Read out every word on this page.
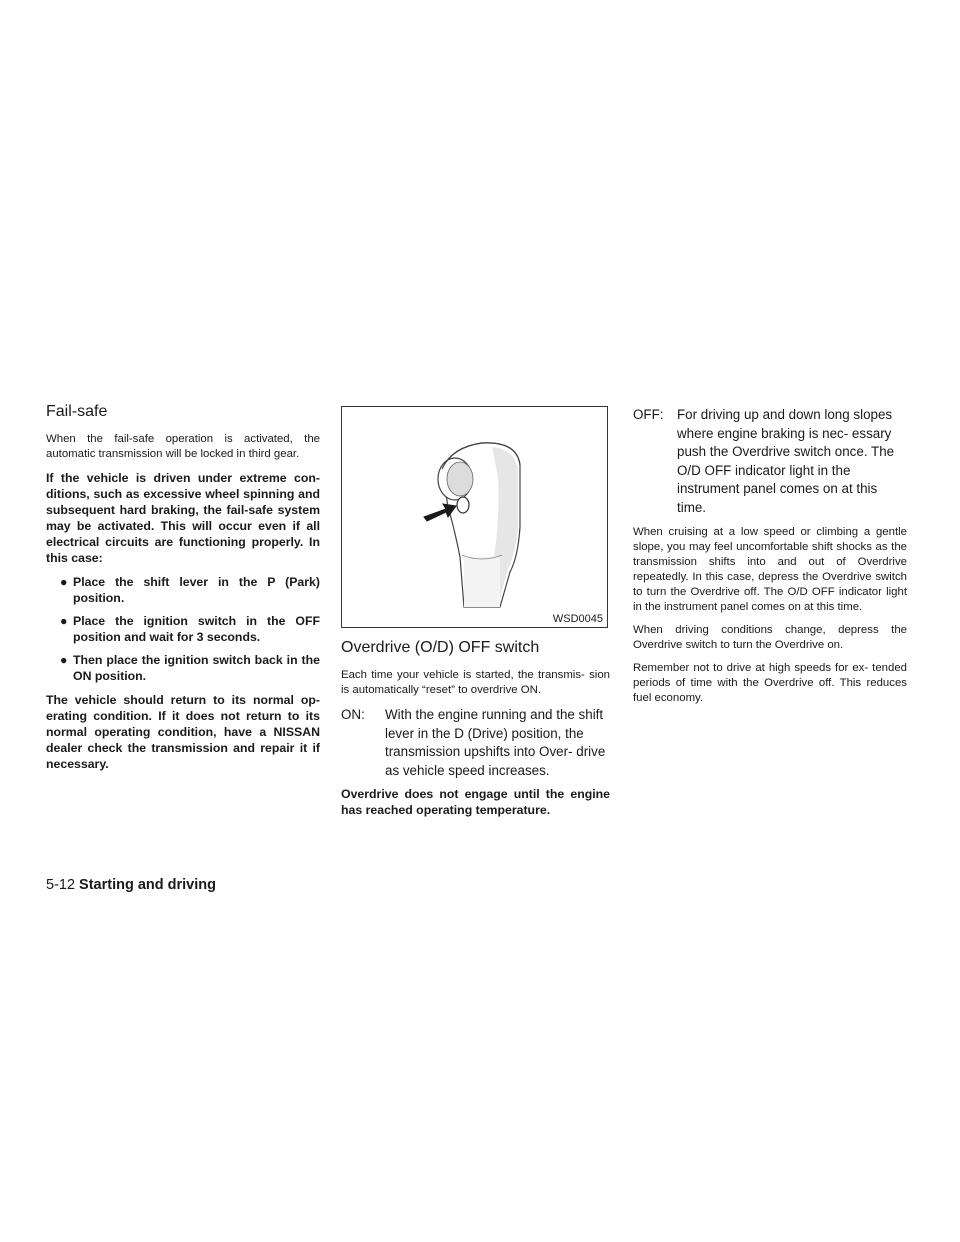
Fail-safe

When the fail-safe operation is activated, the automatic transmission will be locked in third gear.

If the vehicle is driven under extreme con- ditions, such as excessive wheel spinning and subsequent hard braking, the fail-safe system may be activated. This will occur even if all electrical circuits are functioning properly. In this case:

● Place the shift lever in the P (Park) position.
● Place the ignition switch in the OFF position and wait for 3 seconds.
● Then place the ignition switch back in the ON position.

The vehicle should return to its normal op- erating condition. If it does not return to its normal operating condition, have a NISSAN dealer check the transmission and repair it if necessary.

WSD0045
Overdrive (O/D) OFF switch

Each time your vehicle is started, the transmis- sion is automatically “reset” to overdrive ON.

ON:	With the engine running and the shift lever in the D (Drive) position, the transmission upshifts into Over- drive as vehicle speed increases.

Overdrive does not engage until the engine has reached operating temperature.

OFF:	For driving up and down long slopes where engine braking is nec- essary push the Overdrive switch once. The O/D OFF indicator light in the instrument panel comes on at this time.

When cruising at a low speed or climbing a gentle slope, you may feel uncomfortable shift shocks as the transmission shifts into and out of Overdrive repeatedly. In this case, depress the Overdrive switch to turn the Overdrive off. The O/D OFF indicator light in the instrument panel comes on at this time.

When driving conditions change, depress the Overdrive switch to turn the Overdrive on.

Remember not to drive at high speeds for ex- tended periods of time with the Overdrive off. This reduces fuel economy.

5-12 Starting and driving
